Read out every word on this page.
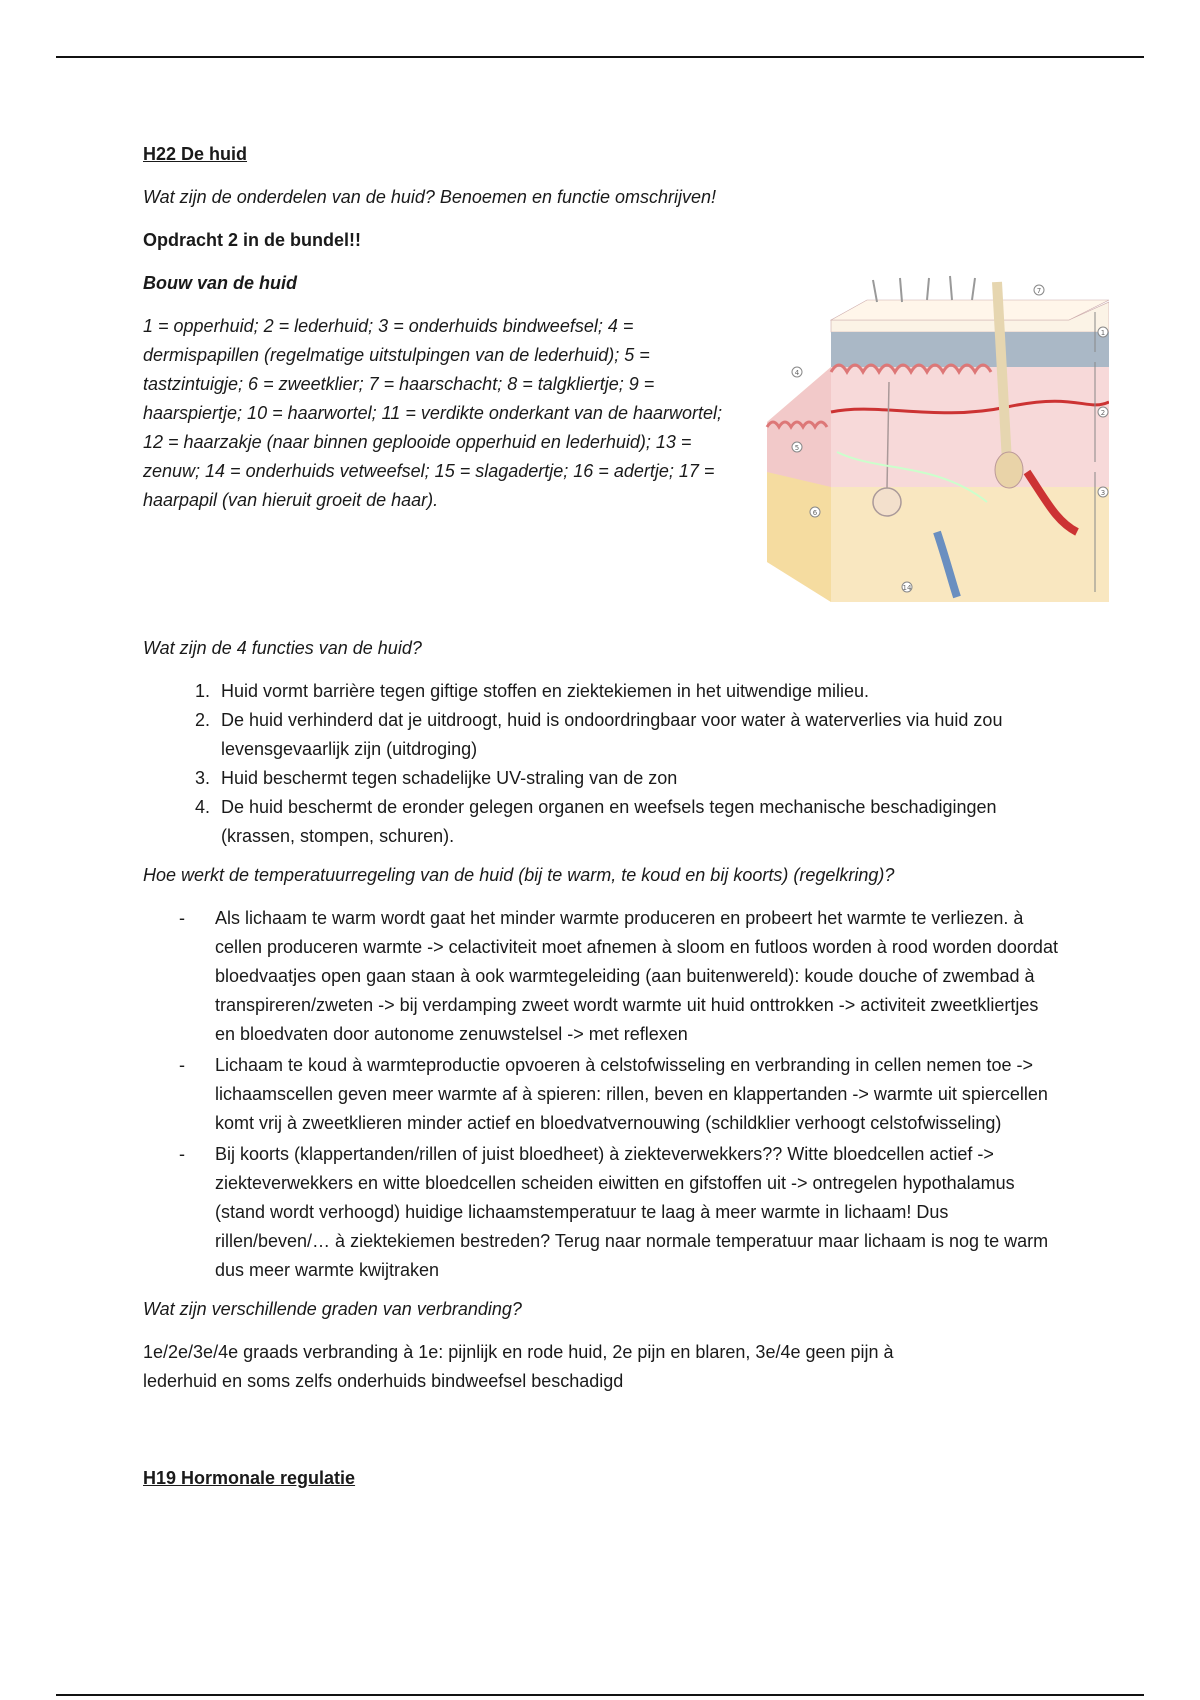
H22 De huid

Wat zijn de onderdelen van de huid? Benoemen en functie omschrijven!

Opdracht 2 in de bundel!!

Bouw van de huid

1 = opperhuid; 2 = lederhuid; 3 = onderhuids bindweefsel; 4 = dermispapillen (regelmatige uitstulpingen van de lederhuid); 5 = tastzintuigje; 6 = zweetklier; 7 = haarschacht; 8 = talgkliertje; 9 = haarspiertje; 10 = haarwortel; 11 = verdikte onderkant van de haarwortel; 12 = haarzakje (naar binnen geplooide opperhuid en lederhuid); 13 = zenuw; 14 = onderhuids vetweefsel; 15 = slagadertje; 16 = adertje; 17 = haarpapil (van hieruit groeit de haar).

1
2
3
4
5
6
7
14

Wat zijn de 4 functies van de huid?

1. Huid vormt barrière tegen giftige stoffen en ziektekiemen in het uitwendige milieu.
2. De huid verhinderd dat je uitdroogt, huid is ondoordringbaar voor water à waterverlies via huid zou levensgevaarlijk zijn (uitdroging)
3. Huid beschermt tegen schadelijke UV-straling van de zon
4. De huid beschermt de eronder gelegen organen en weefsels tegen mechanische beschadigingen (krassen, stompen, schuren).

Hoe werkt de temperatuurregeling van de huid (bij te warm, te koud en bij koorts) (regelkring)?

- Als lichaam te warm wordt gaat het minder warmte produceren en probeert het warmte te verliezen. à cellen produceren warmte -> celactiviteit moet afnemen à sloom en futloos worden à rood worden doordat bloedvaatjes open gaan staan à ook warmtegeleiding (aan buitenwereld): koude douche of zwembad à transpireren/zweten -> bij verdamping zweet wordt warmte uit huid onttrokken -> activiteit zweetkliertjes en bloedvaten door autonome zenuwstelsel -> met reflexen
- Lichaam te koud à warmteproductie opvoeren à celstofwisseling en verbranding in cellen nemen toe -> lichaamscellen geven meer warmte af à spieren: rillen, beven en klappertanden -> warmte uit spiercellen komt vrij à zweetklieren minder actief en bloedvatvernouwing (schildklier verhoogt celstofwisseling)
- Bij koorts (klappertanden/rillen of juist bloedheet) à ziekteverwekkers?? Witte bloedcellen actief -> ziekteverwekkers en witte bloedcellen scheiden eiwitten en gifstoffen uit -> ontregelen hypothalamus (stand wordt verhoogd) huidige lichaamstemperatuur te laag à meer warmte in lichaam! Dus rillen/beven/… à ziektekiemen bestreden? Terug naar normale temperatuur maar lichaam is nog te warm dus meer warmte kwijtraken

Wat zijn verschillende graden van verbranding?

1e/2e/3e/4e graads verbranding à 1e: pijnlijk en rode huid, 2e pijn en blaren, 3e/4e geen pijn à
lederhuid en soms zelfs onderhuids bindweefsel beschadigd

H19 Hormonale regulatie
